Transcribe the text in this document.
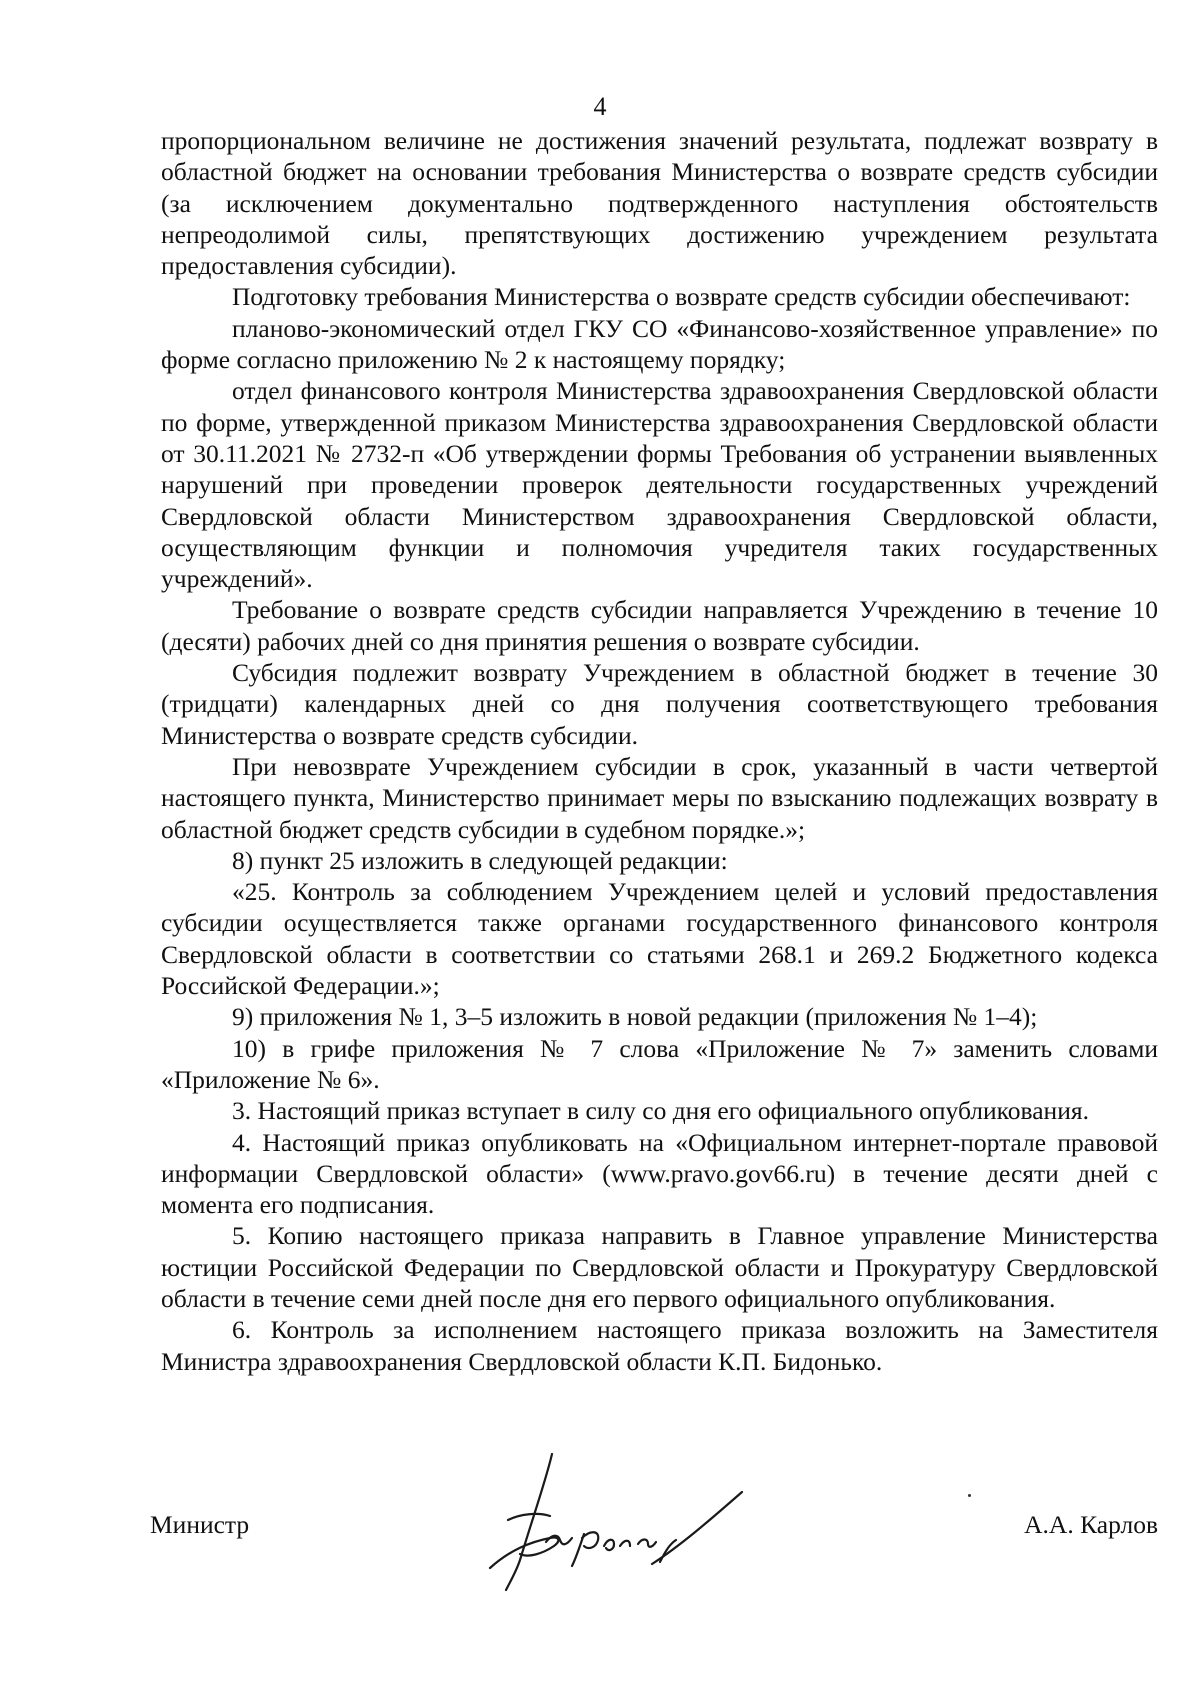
4

пропорциональном величине не достижения значений результата, подлежат возврату в областной бюджет на основании требования Министерства о возврате средств субсидии (за исключением документально подтвержденного наступления обстоятельств непреодолимой силы, препятствующих достижению учреждением результата предоставления субсидии).

Подготовку требования Министерства о возврате средств субсидии обеспечивают:

планово-экономический отдел ГКУ СО «Финансово-хозяйственное управление» по форме согласно приложению № 2 к настоящему порядку;

отдел финансового контроля Министерства здравоохранения Свердловской области по форме, утвержденной приказом Министерства здравоохранения Свердловской области от 30.11.2021 № 2732-п «Об утверждении формы Требования об устранении выявленных нарушений при проведении проверок деятельности государственных учреждений Свердловской области Министерством здравоохранения Свердловской области, осуществляющим функции и полномочия учредителя таких государственных учреждений».

Требование о возврате средств субсидии направляется Учреждению в течение 10 (десяти) рабочих дней со дня принятия решения о возврате субсидии.

Субсидия подлежит возврату Учреждением в областной бюджет в течение 30 (тридцати) календарных дней со дня получения соответствующего требования Министерства о возврате средств субсидии.

При невозврате Учреждением субсидии в срок, указанный в части четвертой настоящего пункта, Министерство принимает меры по взысканию подлежащих возврату в областной бюджет средств субсидии в судебном порядке.»;

8) пункт 25 изложить в следующей редакции:

«25. Контроль за соблюдением Учреждением целей и условий предоставления субсидии осуществляется также органами государственного финансового контроля Свердловской области в соответствии со статьями 268.1 и 269.2 Бюджетного кодекса Российской Федерации.»;

9) приложения № 1, 3–5 изложить в новой редакции (приложения № 1–4);

10) в грифе приложения № 7 слова «Приложение № 7» заменить словами «Приложение № 6».

3. Настоящий приказ вступает в силу со дня его официального опубликования.

4. Настоящий приказ опубликовать на «Официальном интернет-портале правовой информации Свердловской области» (www.pravo.gov66.ru) в течение десяти дней с момента его подписания.

5. Копию настоящего приказа направить в Главное управление Министерства юстиции Российской Федерации по Свердловской области и Прокуратуру Свердловской области в течение семи дней после дня его первого официального опубликования.

6. Контроль за исполнением настоящего приказа возложить на Заместителя Министра здравоохранения Свердловской области К.П. Бидонько.

Министр	А.А. Карлов
